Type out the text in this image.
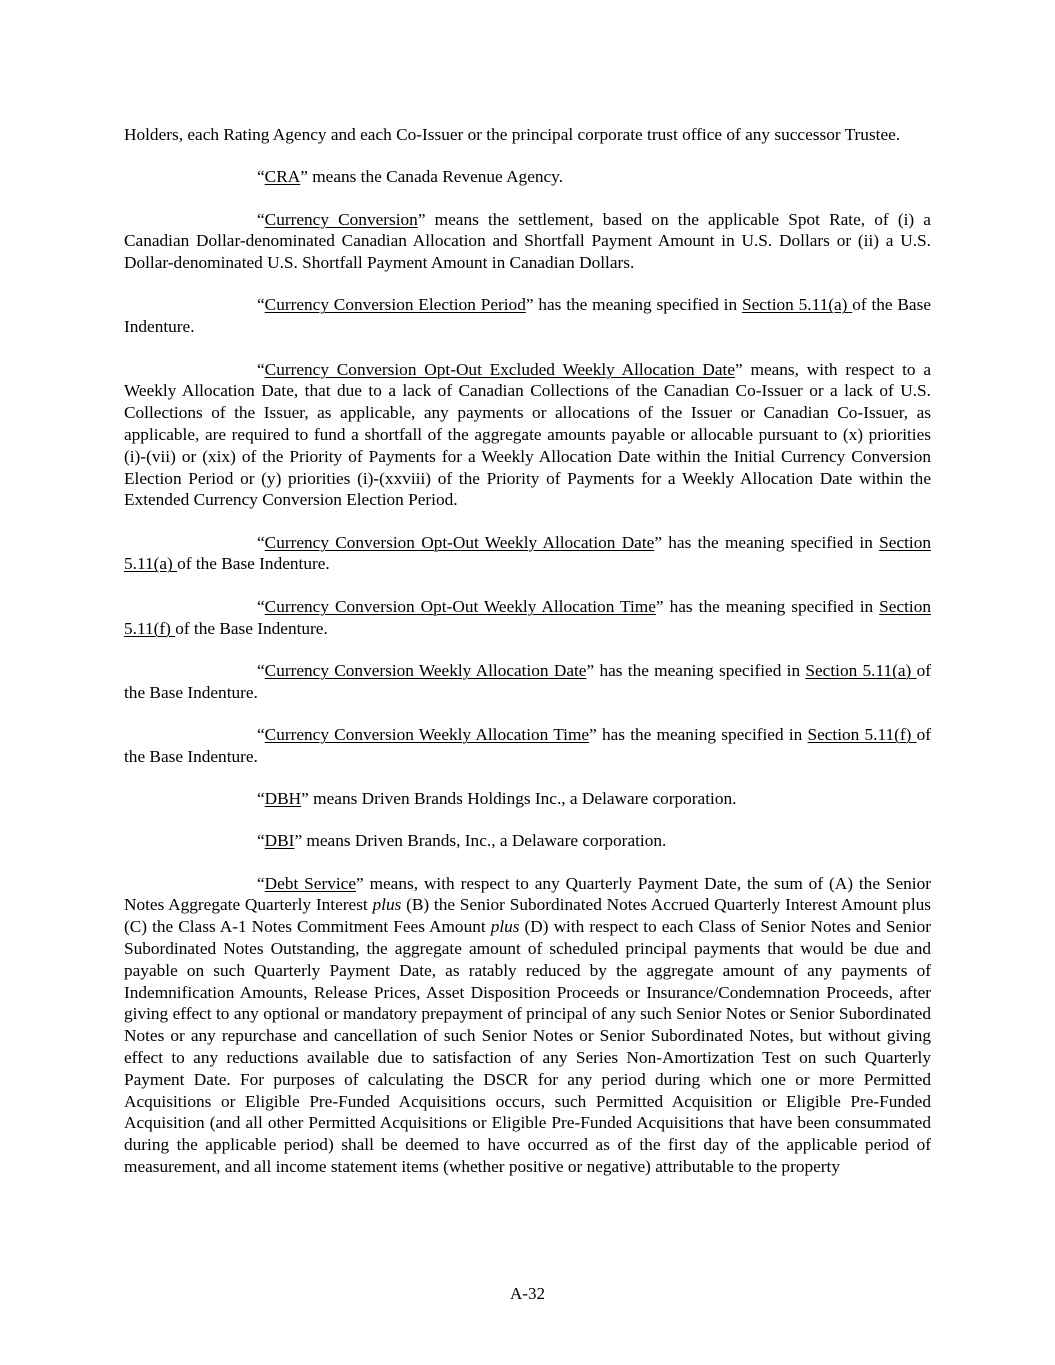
Holders, each Rating Agency and each Co-Issuer or the principal corporate trust office of any successor Trustee.

“CRA” means the Canada Revenue Agency.

“Currency Conversion” means the settlement, based on the applicable Spot Rate, of (i) a Canadian Dollar-denominated Canadian Allocation and Shortfall Payment Amount in U.S. Dollars or (ii) a U.S. Dollar-denominated U.S. Shortfall Payment Amount in Canadian Dollars.

“Currency Conversion Election Period” has the meaning specified in Section 5.11(a) of the Base Indenture.

“Currency Conversion Opt-Out Excluded Weekly Allocation Date” means, with respect to a Weekly Allocation Date, that due to a lack of Canadian Collections of the Canadian Co-Issuer or a lack of U.S. Collections of the Issuer, as applicable, any payments or allocations of the Issuer or Canadian Co-Issuer, as applicable, are required to fund a shortfall of the aggregate amounts payable or allocable pursuant to (x) priorities (i)-(vii) or (xix) of the Priority of Payments for a Weekly Allocation Date within the Initial Currency Conversion Election Period or (y) priorities (i)-(xxviii) of the Priority of Payments for a Weekly Allocation Date within the Extended Currency Conversion Election Period.

“Currency Conversion Opt-Out Weekly Allocation Date” has the meaning specified in Section 5.11(a) of the Base Indenture.

“Currency Conversion Opt-Out Weekly Allocation Time” has the meaning specified in Section 5.11(f) of the Base Indenture.

“Currency Conversion Weekly Allocation Date” has the meaning specified in Section 5.11(a) of the Base Indenture.

“Currency Conversion Weekly Allocation Time” has the meaning specified in Section 5.11(f) of the Base Indenture.

“DBH” means Driven Brands Holdings Inc., a Delaware corporation.

“DBI” means Driven Brands, Inc., a Delaware corporation.

“Debt Service” means, with respect to any Quarterly Payment Date, the sum of (A) the Senior Notes Aggregate Quarterly Interest plus (B) the Senior Subordinated Notes Accrued Quarterly Interest Amount plus (C) the Class A-1 Notes Commitment Fees Amount plus (D) with respect to each Class of Senior Notes and Senior Subordinated Notes Outstanding, the aggregate amount of scheduled principal payments that would be due and payable on such Quarterly Payment Date, as ratably reduced by the aggregate amount of any payments of Indemnification Amounts, Release Prices, Asset Disposition Proceeds or Insurance/Condemnation Proceeds, after giving effect to any optional or mandatory prepayment of principal of any such Senior Notes or Senior Subordinated Notes or any repurchase and cancellation of such Senior Notes or Senior Subordinated Notes, but without giving effect to any reductions available due to satisfaction of any Series Non-Amortization Test on such Quarterly Payment Date. For purposes of calculating the DSCR for any period during which one or more Permitted Acquisitions or Eligible Pre-Funded Acquisitions occurs, such Permitted Acquisition or Eligible Pre-Funded Acquisition (and all other Permitted Acquisitions or Eligible Pre-Funded Acquisitions that have been consummated during the applicable period) shall be deemed to have occurred as of the first day of the applicable period of measurement, and all income statement items (whether positive or negative) attributable to the property

A-32
